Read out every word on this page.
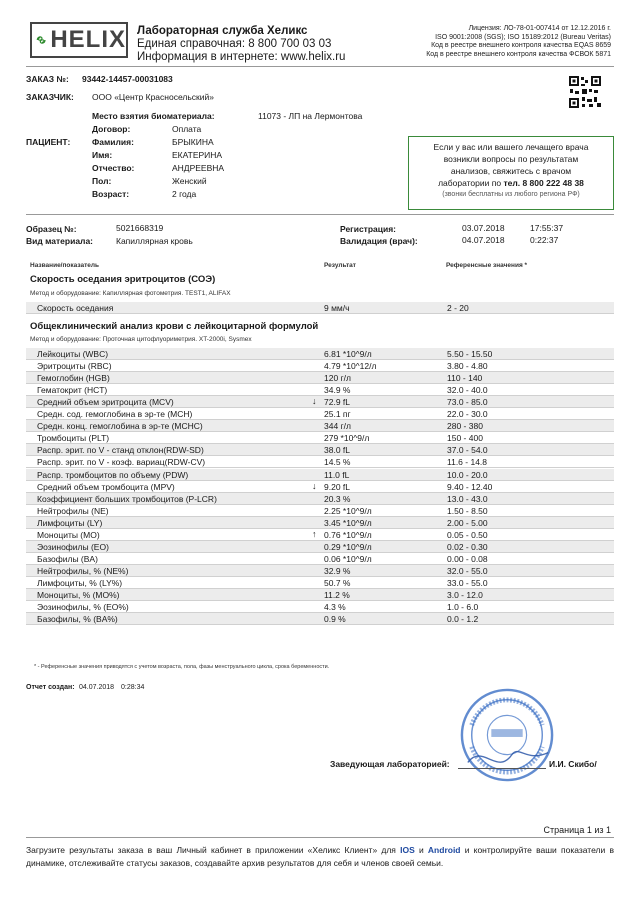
HELIX Лабораторная служба Хеликс
Единая справочная: 8 800 700 03 03
Информация в интернете: www.helix.ru
Лицензия: ЛО-78-01-007414 от 12.12.2016 г.
ISO 9001:2008 (SGS); ISO 15189:2012 (Bureau Veritas)
Код в реестре внешнего контроля качества EQAS 8659
Код в реестре внешнего контроля качества ФСВОК 5871
ЗАКАЗ №: 93442-14457-00031083
ЗАКАЗЧИК: ООО «Центр Красносельский»
ПАЦИЕНТ:
Место взятия биоматериала:	11073 - ЛП на Лермонтова
Договор:	Оплата
Фамилия:	БРЫКИНА
Имя:	ЕКАТЕРИНА
Отчество:	АНДРЕЕВНА
Пол:	Женский
Возраст:	2 года
Если у вас или вашего лечащего врача
возникли вопросы по результатам
анализов, свяжитесь с врачом
лаборатории по тел. 8 800 222 48 38
(звонки бесплатны из любого региона РФ)
Образец №:	5021668319
Вид материала:	Капиллярная кровь
Регистрация:	03.07.2018	17:55:37
Валидация (врач):	04.07.2018	0:22:37
Название/показатель	Результат	Референсные значения *
Скорость оседания эритроцитов (СОЭ)
Метод и оборудование: Капиллярная фотометрия. TEST1, ALIFAX
Скорость оседания	9 мм/ч	2 - 20
Общеклинический анализ крови с лейкоцитарной формулой
Метод и оборудование: Проточная цитофлуориметрия. XT-2000i, Sysmex
Лейкоциты (WBC)	6.81 *10^9/л	5.50 - 15.50
Эритроциты (RBC)	4.79 *10^12/л	3.80 - 4.80
Гемоглобин (HGB)	120 г/л	110 - 140
Гематокрит (HCT)	34.9 %	32.0 - 40.0
Средний объем эритроцита (MCV)	↓ 72.9 fL	73.0 - 85.0
Средн. сод. гемоглобина в эр-те (MCH)	25.1 пг	22.0 - 30.0
Средн. конц. гемоглобина в эр-те (MCHC)	344 г/л	280 - 380
Тромбоциты (PLT)	279 *10^9/л	150 - 400
Распр. эрит. по V - станд отклон(RDW-SD)	38.0 fL	37.0 - 54.0
Распр. эрит. по V - коэф. вариац(RDW-CV)	14.5 %	11.6 - 14.8
Распр. тромбоцитов по объему (PDW)	11.0 fL	10.0 - 20.0
Средний объем тромбоцита (MPV)	↓ 9.20 fL	9.40 - 12.40
Коэффициент больших тромбоцитов (P-LCR)	20.3 %	13.0 - 43.0
Нейтрофилы (NE)	2.25 *10^9/л	1.50 - 8.50
Лимфоциты (LY)	3.45 *10^9/л	2.00 - 5.00
Моноциты (MO)	↑ 0.76 *10^9/л	0.05 - 0.50
Эозинофилы (EO)	0.29 *10^9/л	0.02 - 0.30
Базофилы (BA)	0.06 *10^9/л	0.00 - 0.08
Нейтрофилы, % (NE%)	32.9 %	32.0 - 55.0
Лимфоциты, % (LY%)	50.7 %	33.0 - 55.0
Моноциты, % (MO%)	11.2 %	3.0 - 12.0
Эозинофилы, % (EO%)	4.3 %	1.0 - 6.0
Базофилы, % (BA%)	0.9 %	0.0 - 1.2
* - Референсные значения приводятся с учетом возраста, пола, фазы менструального цикла, срока беременности.
Отчет создан: 04.07.2018 0:28:34
Заведующая лабораторией:	И.И. Скибо/
Страница 1 из 1
Загрузите результаты заказа в ваш Личный кабинет в приложении «Хеликс Клиент» для IOS и Android и контролируйте ваши показатели в динамике, отслеживайте статусы заказов, создавайте архив результатов для себя и членов своей семьи.
